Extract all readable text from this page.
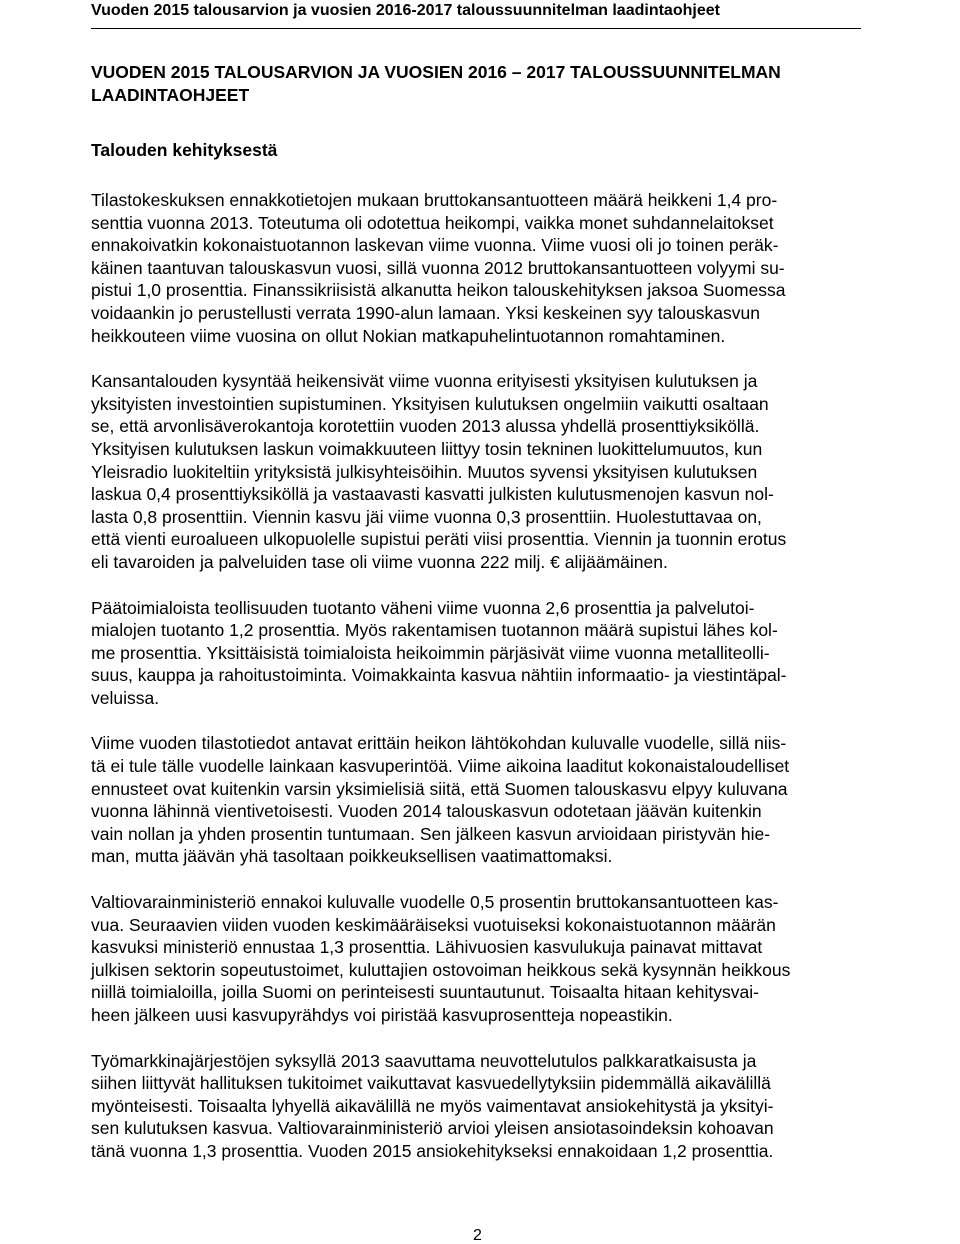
Vuoden 2015 talousarvion ja vuosien 2016-2017 taloussuunnitelman laadintaohjeet
VUODEN 2015 TALOUSARVION JA VUOSIEN 2016 – 2017 TALOUSSUUNNITELMAN
LAADINTAOHJEET
Talouden kehityksestä

Tilastokeskuksen ennakkotietojen mukaan bruttokansantuotteen määrä heikkeni 1,4 pro-
senttia vuonna 2013. Toteutuma oli odotettua heikompi, vaikka monet suhdannelaitokset
ennakoivatkin kokonaistuotannon laskevan viime vuonna. Viime vuosi oli jo toinen peräk-
käinen taantuvan talouskasvun vuosi, sillä vuonna 2012 bruttokansantuotteen volyymi su-
pistui 1,0 prosenttia. Finanssikriisistä alkanutta heikon talouskehityksen jaksoa Suomessa
voidaankin jo perustellusti verrata 1990-alun lamaan. Yksi keskeinen syy talouskasvun
heikkouteen viime vuosina on ollut Nokian matkapuhelintuotannon romahtaminen.

Kansantalouden kysyntää heikensivät viime vuonna erityisesti yksityisen kulutuksen ja
yksityisten investointien supistuminen. Yksityisen kulutuksen ongelmiin vaikutti osaltaan
se, että arvonlisäverokantoja korotettiin vuoden 2013 alussa yhdellä prosenttiyksiköllä.
Yksityisen kulutuksen laskun voimakkuuteen liittyy tosin tekninen luokittelumuutos, kun
Yleisradio luokiteltiin yrityksistä julkisyhteisöihin. Muutos syvensi yksityisen kulutuksen
laskua 0,4 prosenttiyksiköllä ja vastaavasti kasvatti julkisten kulutusmenojen kasvun nol-
lasta 0,8 prosenttiin. Viennin kasvu jäi viime vuonna 0,3 prosenttiin. Huolestuttavaa on,
että vienti euroalueen ulkopuolelle supistui peräti viisi prosenttia. Viennin ja tuonnin erotus
eli tavaroiden ja palveluiden tase oli viime vuonna 222 milj. € alijäämäinen.

Päätoimialoista teollisuuden tuotanto väheni viime vuonna 2,6 prosenttia ja palvelutoi-
mialojen tuotanto 1,2 prosenttia. Myös rakentamisen tuotannon määrä supistui lähes kol-
me prosenttia. Yksittäisistä toimialoista heikoimmin pärjäsivät viime vuonna metalliteolli-
suus, kauppa ja rahoitustoiminta. Voimakkainta kasvua nähtiin informaatio- ja viestintäpal-
veluissa.

Viime vuoden tilastotiedot antavat erittäin heikon lähtökohdan kuluvalle vuodelle, sillä niis-
tä ei tule tälle vuodelle lainkaan kasvuperintöä. Viime aikoina laaditut kokonaistaloudelliset
ennusteet ovat kuitenkin varsin yksimielisiä siitä, että Suomen talouskasvu elpyy kuluvana
vuonna lähinnä vientivetoisesti. Vuoden 2014 talouskasvun odotetaan jäävän kuitenkin
vain nollan ja yhden prosentin tuntumaan. Sen jälkeen kasvun arvioidaan piristyvän hie-
man, mutta jäävän yhä tasoltaan poikkeuksellisen vaatimattomaksi.

Valtiovarainministeriö ennakoi kuluvalle vuodelle 0,5 prosentin bruttokansantuotteen kas-
vua. Seuraavien viiden vuoden keskimääräiseksi vuotuiseksi kokonaistuotannon määrän
kasvuksi ministeriö ennustaa 1,3 prosenttia. Lähivuosien kasvulukuja painavat mittavat
julkisen sektorin sopeutustoimet, kuluttajien ostovoiman heikkous sekä kysynnän heikkous
niillä toimialoilla, joilla Suomi on perinteisesti suuntautunut. Toisaalta hitaan kehitysvai-
heen jälkeen uusi kasvupyrähdys voi piristää kasvuprosentteja nopeastikin.

Työmarkkinajärjestöjen syksyllä 2013 saavuttama neuvottelutulos palkkaratkaisusta ja
siihen liittyvät hallituksen tukitoimet vaikuttavat kasvuedellytyksiin pidemmällä aikavälillä
myönteisesti. Toisaalta lyhyellä aikavälillä ne myös vaimentavat ansiokehitystä ja yksityi-
sen kulutuksen kasvua. Valtiovarainministeriö arvioi yleisen ansiotasoindeksin kohoavan
tänä vuonna 1,3 prosenttia. Vuoden 2015 ansiokehitykseksi ennakoidaan 1,2 prosenttia.

2
